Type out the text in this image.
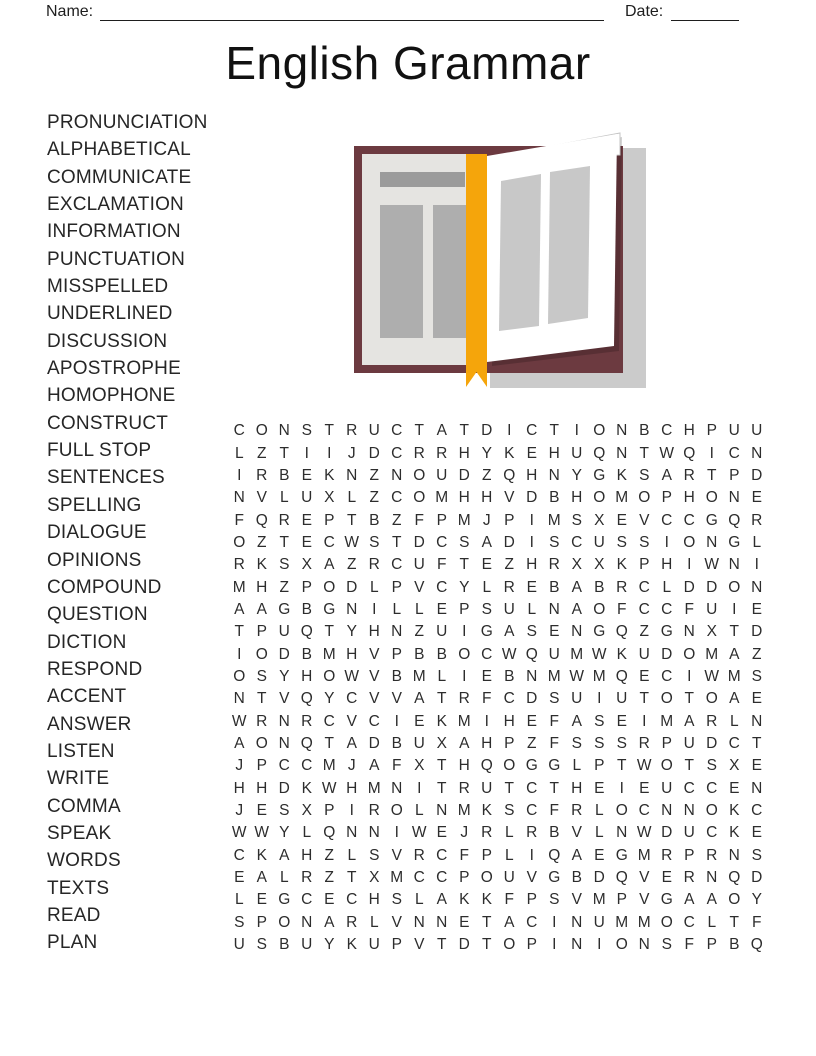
Name:	Date:
English Grammar
PRONUNCIATION
ALPHABETICAL
COMMUNICATE
EXCLAMATION
INFORMATION
PUNCTUATION
MISSPELLED
UNDERLINED
DISCUSSION
APOSTROPHE
HOMOPHONE
CONSTRUCT
FULL STOP
SENTENCES
SPELLING
DIALOGUE
OPINIONS
COMPOUND
QUESTION
DICTION
RESPOND
ACCENT
ANSWER
LISTEN
WRITE
COMMA
SPEAK
WORDS
TEXTS
READ
PLAN
C O N S T R U C T A T D I C T	I O N B C H P U U
L Z T	I	I	J D C R R H Y K E H U Q N T W Q I C N
I R B E K N Z N O U D Z Q H N Y G K S A R T P D
N V L U X L Z C O M H H V D B H O M O P H O N E
F Q R E P T B Z F P M J P I M S X E V C C G Q R
O Z T E C W S T D C S A D I S C U S S I O N G L
R K S X A Z R C U F T E Z H R X X K P H I W N I
M H Z P O D L P V C Y L R E B A B R C L D D O N
A A G B G N I	L L E P S U L N A O F C C F U I E
T P U Q T Y H N Z U I G A S E N G Q Z G N X T D
I O D B M H V P B B O C W Q U M W K U D O M A Z
O S Y H O W V B M L	I E B N M W M Q E C I W M S
N T V Q Y C V V A T R F C D S U I U T O T O A E
W R N R C V C I E K M I H E F A S E I M A R L N
A O N Q T A D B U X A H P Z F S S S R P U D C T
J P C C M J A F X T H Q O G G L P T W O T S X E
H H D K W H M N I	T R U T C T H E I E U C C E N
J E S X P I R O L N M K S C F R L O C N N O K C
W W Y L Q N N I W E J R L R B V L N W D U C K E
C K A H Z L S V R C F P L	I Q A E G M R P R N S
E A L R Z T X M C C P O U V G B D Q V E R N Q D
L E G C E C H S L A K K F P S V M P V G A A O Y
S P O N A R L V N N E T A C I N U M M O C L T F
U S B U Y K U P V T D T O P I N I O N S F P B Q
